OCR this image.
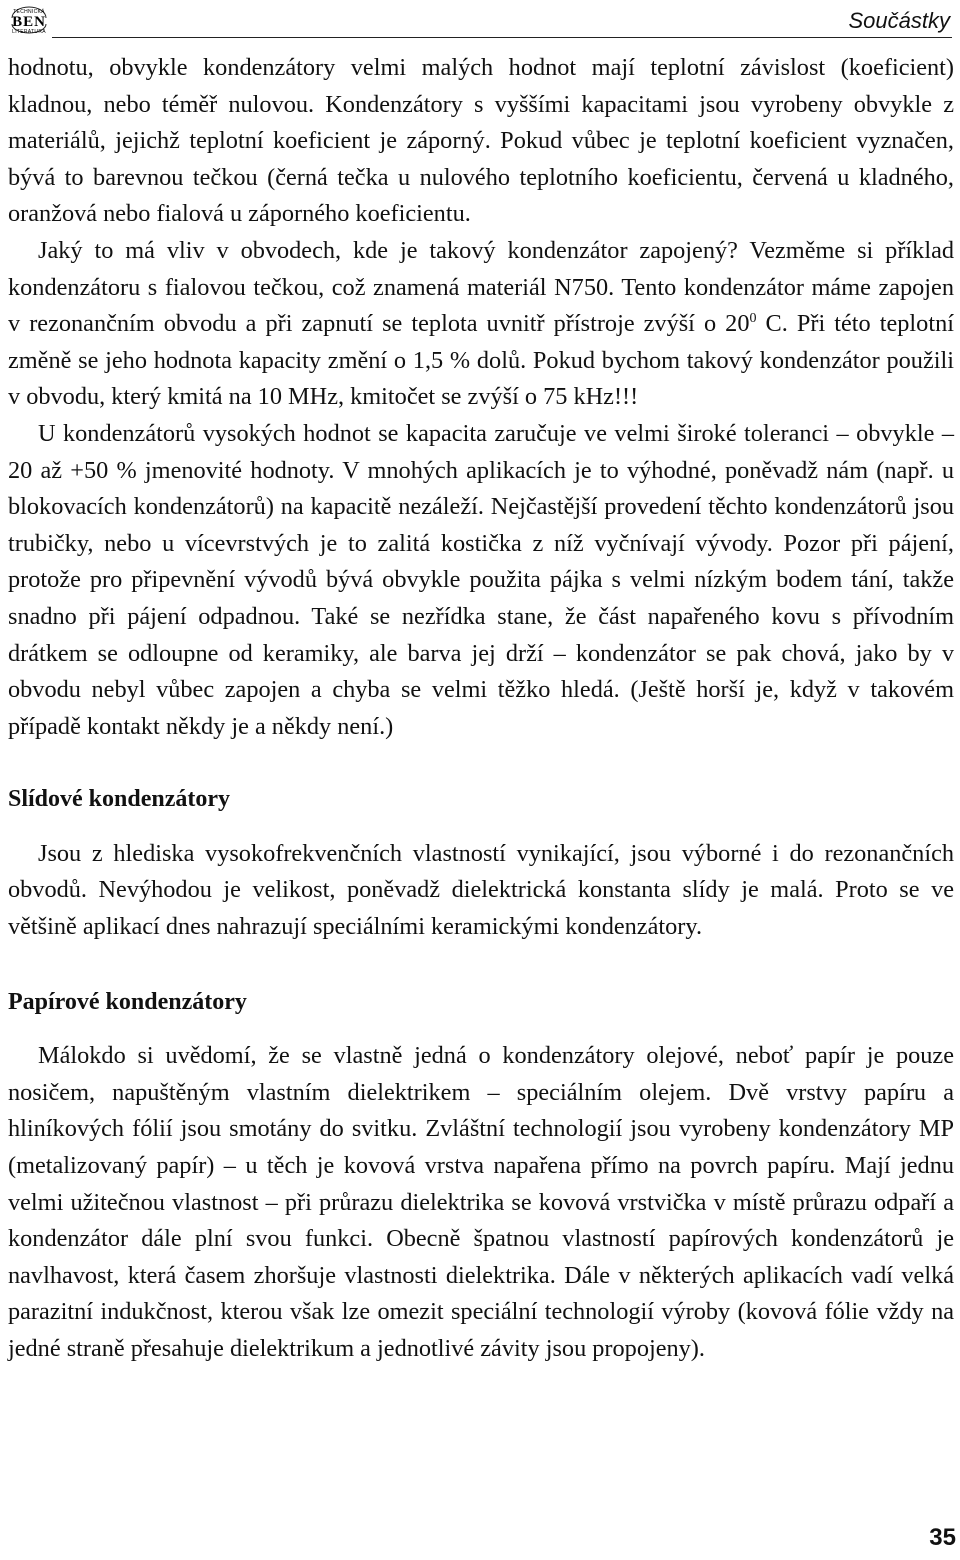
TECHNICKÁ
BEN
LITERATURA	Součástky

hodnotu, obvykle kondenzátory velmi malých hodnot mají teplotní závislost (koeficient) kladnou, nebo téměř nulovou. Kondenzátory s vyššími kapacitami jsou vyrobeny obvykle z materiálů, jejichž teplotní koeficient je záporný. Pokud vůbec je teplotní koeficient vyznačen, bývá to barevnou tečkou (černá tečka u nulového teplotního koeficientu, červená u kladného, oranžová nebo fialová u záporného koeficientu.

Jaký to má vliv v obvodech, kde je takový kondenzátor zapojený? Vezměme si příklad kondenzátoru s fialovou tečkou, což znamená materiál N750. Tento kondenzátor máme zapojen v rezonančním obvodu a při zapnutí se teplota uvnitř přístroje zvýší o $20^0$ C. Při této teplotní změně se jeho hodnota kapacity změní o 1,5 % dolů. Pokud bychom takový kondenzátor použili v obvodu, který kmitá na 10 MHz, kmitočet se zvýší o 75 kHz!!!

U kondenzátorů vysokých hodnot se kapacita zaručuje ve velmi široké toleranci – obvykle –20 až +50 % jmenovité hodnoty. V mnohých aplikacích je to výhodné, poněvadž nám (např. u blokovacích kondenzátorů) na kapacitě nezáleží. Nejčastější provedení těchto kondenzátorů jsou trubičky, nebo u vícevrstvých je to zalitá kostička z níž vyčnívají vývody. Pozor při pájení, protože pro připevnění vývodů bývá obvykle použita pájka s velmi nízkým bodem tání, takže snadno při pájení odpadnou. Také se nezřídka stane, že část napařeného kovu s přívodním drátkem se odloupne od keramiky, ale barva jej drží – kondenzátor se pak chová, jako by v obvodu nebyl vůbec zapojen a chyba se velmi těžko hledá. (Ještě horší je, když v takovém případě kontakt někdy je a někdy není.)

Slídové kondenzátory

Jsou z hlediska vysokofrekvenčních vlastností vynikající, jsou výborné i do rezonančních obvodů. Nevýhodou je velikost, poněvadž dielektrická konstanta slídy je malá. Proto se ve většině aplikací dnes nahrazují speciálními keramickými kondenzátory.

Papírové kondenzátory

Málokdo si uvědomí, že se vlastně jedná o kondenzátory olejové, neboť papír je pouze nosičem, napuštěným vlastním dielektrikem – speciálním olejem. Dvě vrstvy papíru a hliníkových fólií jsou smotány do svitku. Zvláštní technologií jsou vyrobeny kondenzátory MP (metalizovaný papír) – u těch je kovová vrstva napařena přímo na povrch papíru. Mají jednu velmi užitečnou vlastnost – při průrazu dielektrika se kovová vrstvička v místě průrazu odpaří a kondenzátor dále plní svou funkci. Obecně špatnou vlastností papírových kondenzátorů je navlhavost, která časem zhoršuje vlastnosti dielektrika. Dále v některých aplikacích vadí velká parazitní indukčnost, kterou však lze omezit speciální technologií výroby (kovová fólie vždy na jedné straně přesahuje dielektrikum a jednotlivé závity jsou propojeny).

35
